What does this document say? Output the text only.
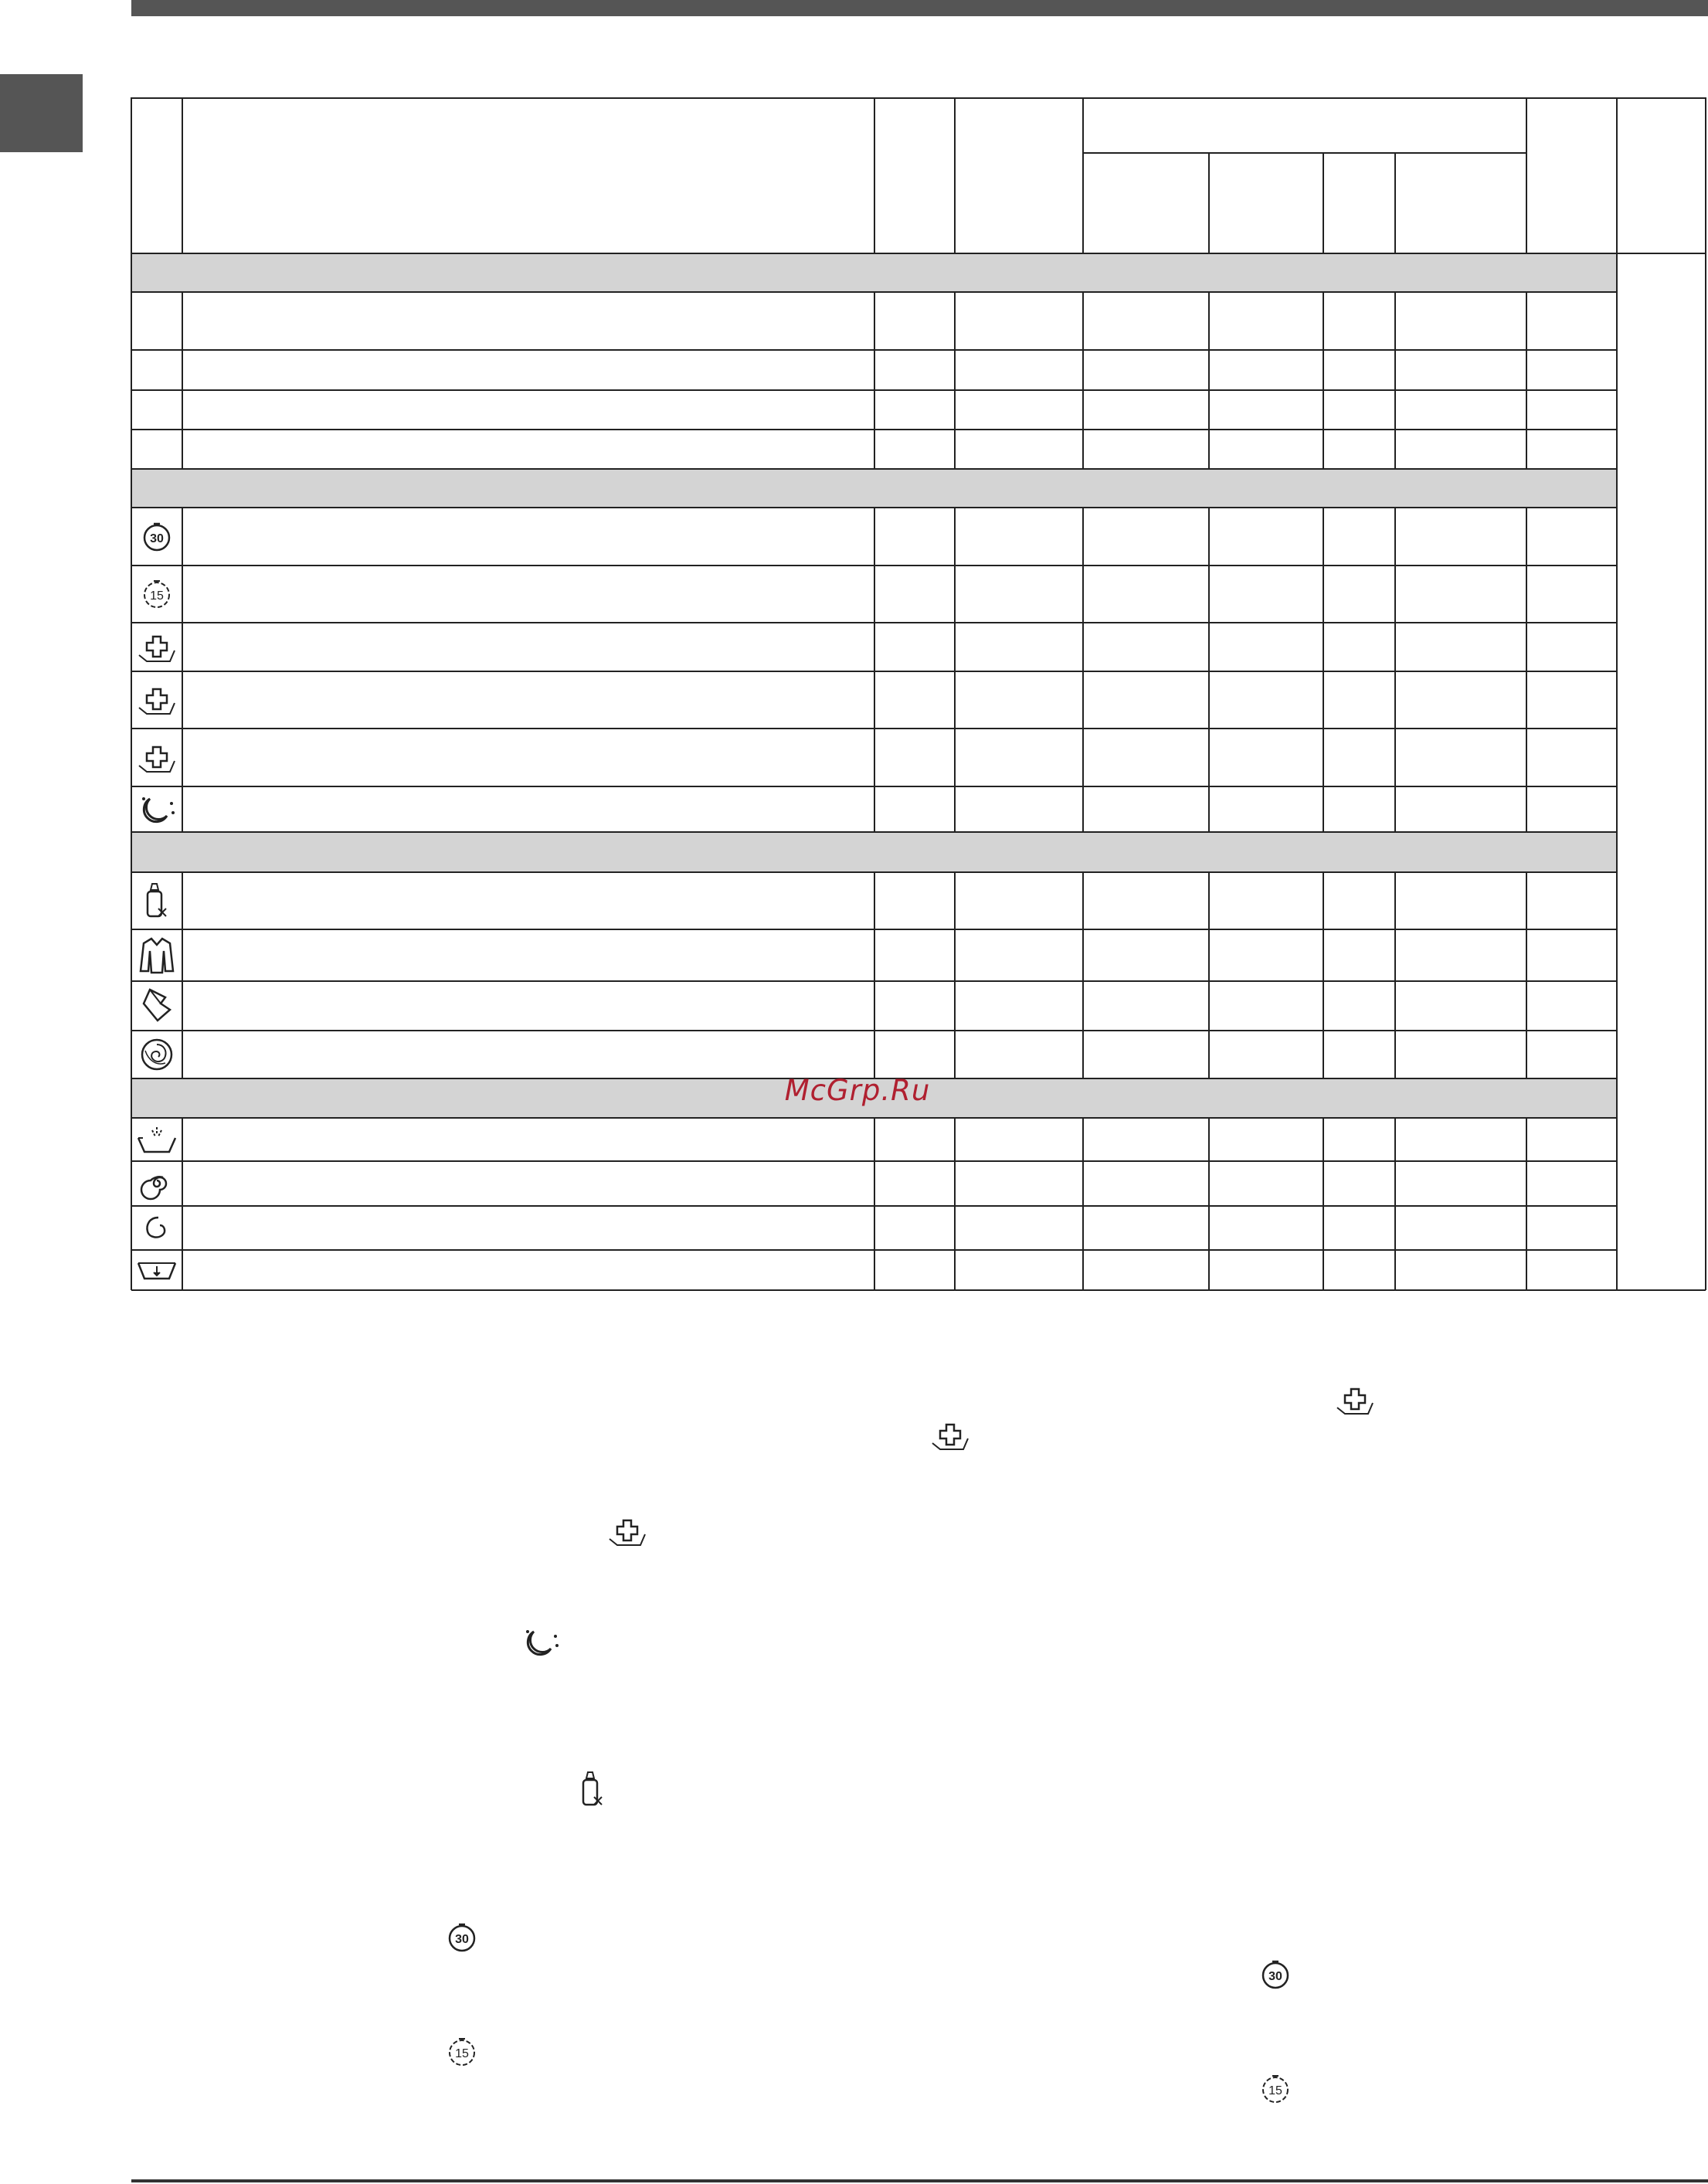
McGrp.Ru
30
15
30
30
15
15
